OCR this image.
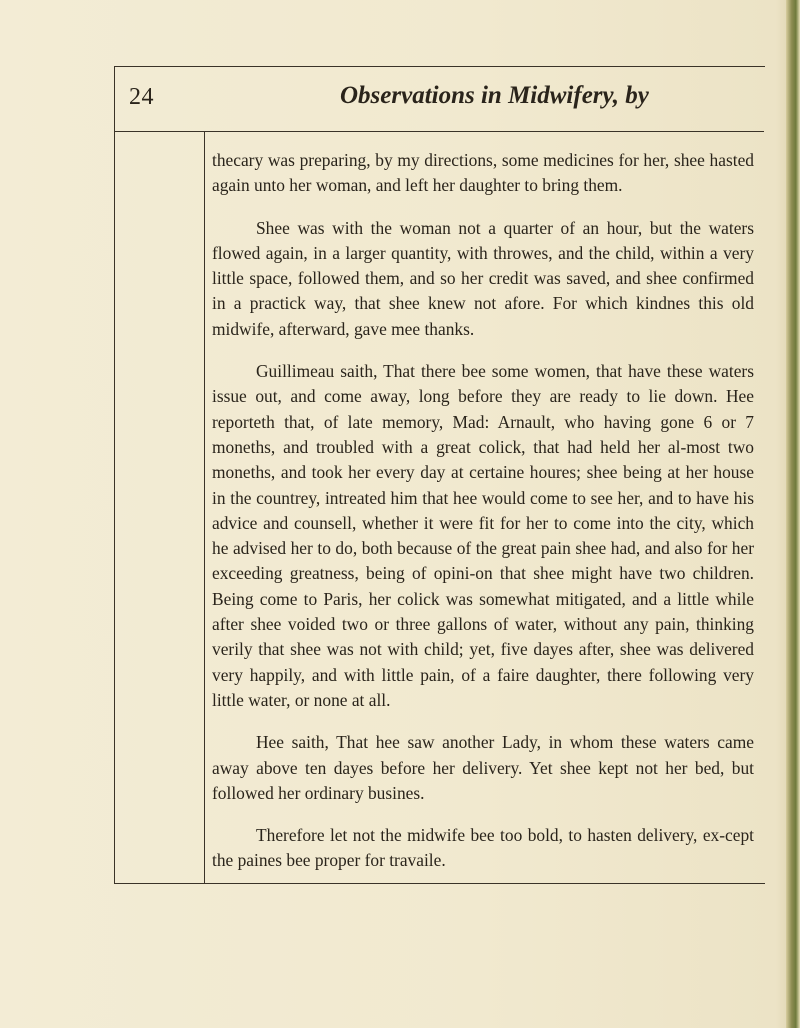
24	Observations in Midwifery, by

thecary was preparing, by my directions, some medicines for her, shee hasted again unto her woman, and left her daughter to bring them.

Shee was with the woman not a quarter of an hour, but the waters flowed again, in a larger quantity, with throwes, and the child, within a very little space, followed them, and so her credit was saved, and shee confirmed in a practick way, that shee knew not afore. For which kindnes this old midwife, afterward, gave mee thanks.

Guillimeau saith, That there bee some women, that have these waters issue out, and come away, long before they are ready to lie down. Hee reporteth that, of late memory, Mad: Arnault, who having gone 6 or 7 moneths, and troubled with a great colick, that had held her al-most two moneths, and took her every day at certaine houres; shee being at her house in the countrey, intreated him that hee would come to see her, and to have his advice and counsell, whether it were fit for her to come into the city, which he advised her to do, both because of the great pain shee had, and also for her exceeding greatness, being of opini-on that shee might have two children. Being come to Paris, her colick was somewhat mitigated, and a little while after shee voided two or three gallons of water, without any pain, thinking verily that shee was not with child; yet, five dayes after, shee was delivered very happily, and with little pain, of a faire daughter, there following very little water, or none at all.

Hee saith, That hee saw another Lady, in whom these waters came away above ten dayes before her delivery. Yet shee kept not her bed, but followed her ordinary busines.

Therefore let not the midwife bee too bold, to hasten delivery, ex-cept the paines bee proper for travaile.
